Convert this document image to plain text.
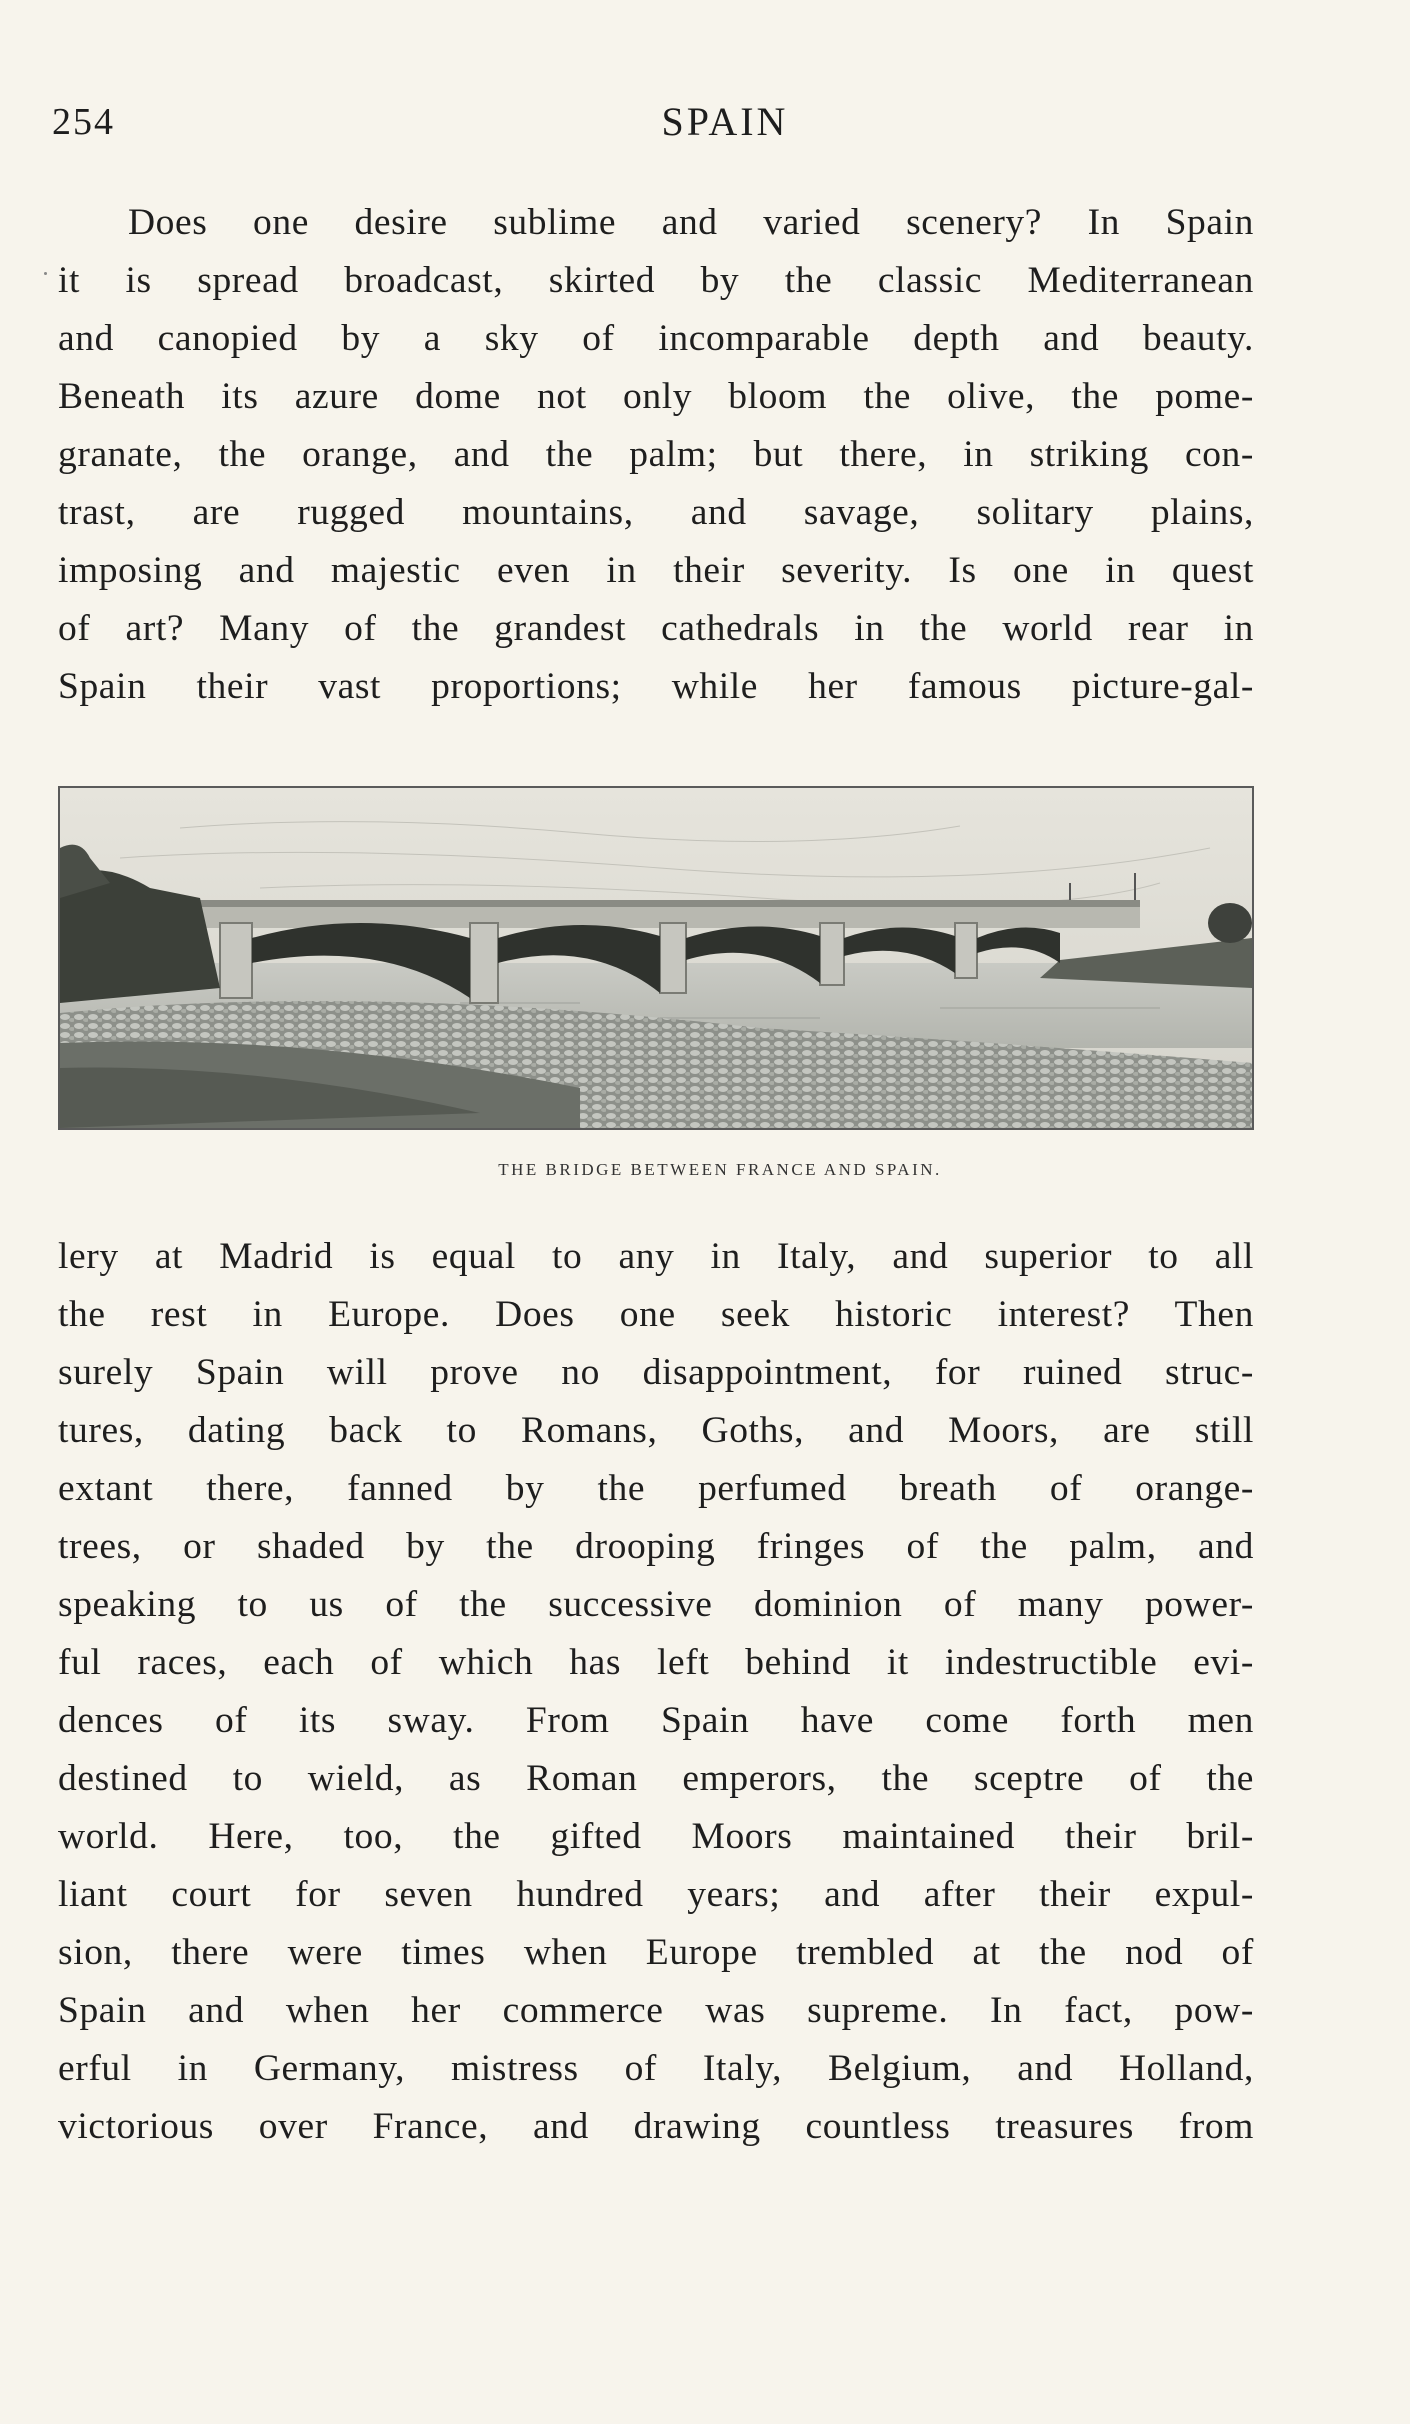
254	SPAIN
Does one desire sublime and varied scenery? In Spain
it is spread broadcast, skirted by the classic Mediterranean
and canopied by a sky of incomparable depth and beauty.
Beneath its azure dome not only bloom the olive, the pome-
granate, the orange, and the palm; but there, in striking con-
trast, are rugged mountains, and savage, solitary plains,
imposing and majestic even in their severity. Is one in quest
of art? Many of the grandest cathedrals in the world rear in
Spain their vast proportions; while her famous picture-gal-
THE BRIDGE BETWEEN FRANCE AND SPAIN.
lery at Madrid is equal to any in Italy, and superior to all
the rest in Europe. Does one seek historic interest? Then
surely Spain will prove no disappointment, for ruined struc-
tures, dating back to Romans, Goths, and Moors, are still
extant there, fanned by the perfumed breath of orange-
trees, or shaded by the drooping fringes of the palm, and
speaking to us of the successive dominion of many power-
ful races, each of which has left behind it indestructible evi-
dences of its sway. From Spain have come forth men
destined to wield, as Roman emperors, the sceptre of the
world. Here, too, the gifted Moors maintained their bril-
liant court for seven hundred years; and after their expul-
sion, there were times when Europe trembled at the nod of
Spain and when her commerce was supreme. In fact, pow-
erful in Germany, mistress of Italy, Belgium, and Holland,
victorious over France, and drawing countless treasures from
